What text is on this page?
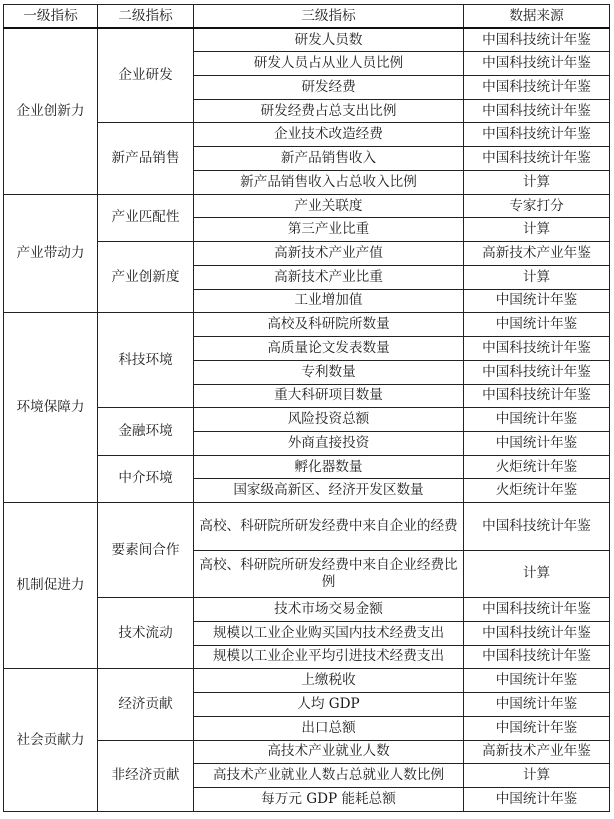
一级指标	二级指标	三级指标	数据来源
企业创新力	企业研发	研发人员数	中国科技统计年鉴
		研发人员占从业人员比例	中国科技统计年鉴
		研发经费	中国科技统计年鉴
		研发经费占总支出比例	中国科技统计年鉴
	新产品销售	企业技术改造经费	中国科技统计年鉴
		新产品销售收入	中国科技统计年鉴
		新产品销售收入占总收入比例	计算
产业带动力	产业匹配性	产业关联度	专家打分
		第三产业比重	计算
	产业创新度	高新技术产业产值	高新技术产业年鉴
		高新技术产业比重	计算
		工业增加值	中国统计年鉴
环境保障力	科技环境	高校及科研院所数量	中国统计年鉴
		高质量论文发表数量	中国科技统计年鉴
		专利数量	中国科技统计年鉴
		重大科研项目数量	中国科技统计年鉴
	金融环境	风险投资总额	中国统计年鉴
		外商直接投资	中国统计年鉴
	中介环境	孵化器数量	火炬统计年鉴
		国家级高新区、经济开发区数量	火炬统计年鉴
机制促进力	要素间合作	高校、科研院所研发经费中来自企业的经费	中国科技统计年鉴
		高校、科研院所研发经费中来自企业经费比例	计算
	技术流动	技术市场交易金额	中国科技统计年鉴
		规模以工业企业购买国内技术经费支出	中国科技统计年鉴
		规模以工业企业平均引进技术经费支出	中国科技统计年鉴
社会贡献力	经济贡献	上缴税收	中国统计年鉴
		人均 GDP	中国统计年鉴
		出口总额	中国统计年鉴
	非经济贡献	高技术产业就业人数	高新技术产业年鉴
		高技术产业就业人数占总就业人数比例	计算
		每万元 GDP 能耗总额	中国统计年鉴
